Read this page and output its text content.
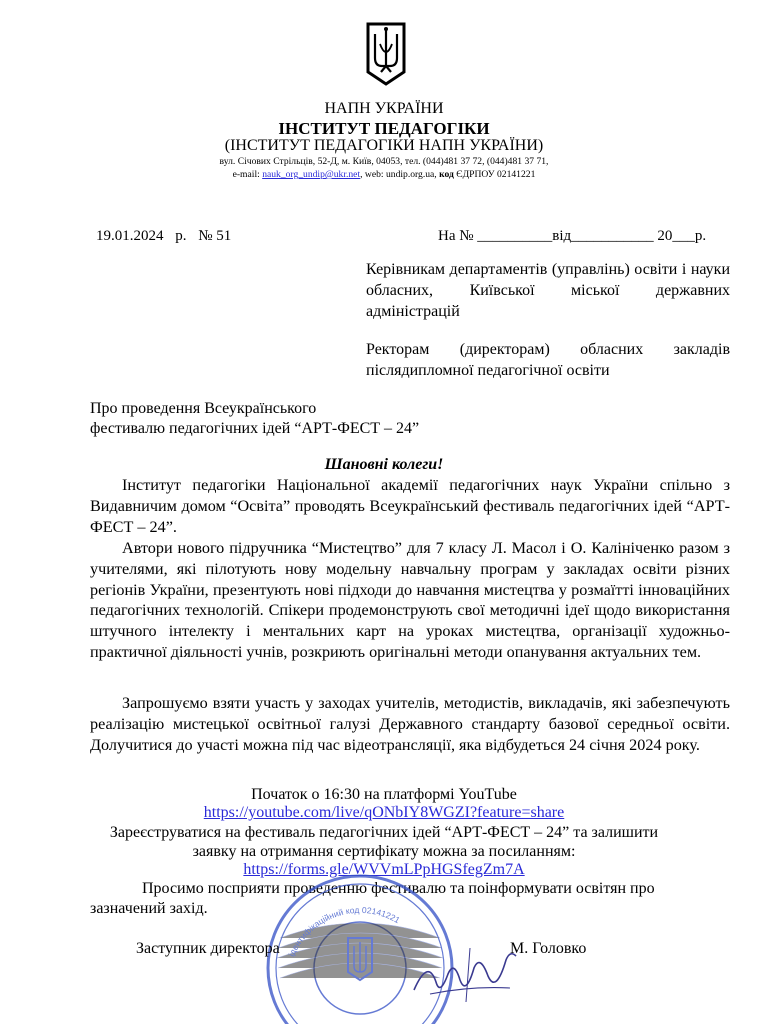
НАПН УКРАЇНИ
ІНСТИТУТ ПЕДАГОГІКИ
(ІНСТИТУТ ПЕДАГОГІКИ НАПН УКРАЇНИ)
вул. Січових Стрільців, 52-Д, м. Київ, 04053, тел. (044)481 37 72, (044)481 37 71,
e-mail: nauk_org_undip@ukr.net, web: undip.org.ua, код ЄДРПОУ 02141221
19.01.2024 р. № 51	На № __________від___________ 20___р.
Керівникам департаментів (управлінь) освіти і науки обласних, Київської міської державних адміністрацій
Ректорам (директорам) обласних закладів післядипломної педагогічної освіти
Про проведення Всеукраїнського
фестивалю педагогічних ідей “АРТ-ФЕСТ – 24”
Шановні колеги!
Інститут педагогіки Національної академії педагогічних наук України спільно з Видавничим домом “Освіта” проводять Всеукраїнський фестиваль педагогічних ідей “АРТ-ФЕСТ – 24”.
Автори нового підручника “Мистецтво” для 7 класу Л. Масол і О. Калініченко разом з учителями, які пілотують нову модельну навчальну програм у закладах освіти різних регіонів України, презентують нові підходи до навчання мистецтва у розмаїтті інноваційних педагогічних технологій. Спікери продемонструють свої методичні ідеї щодо використання штучного інтелекту і ментальних карт на уроках мистецтва, організації художньо-практичної діяльності учнів, розкриють оригінальні методи опанування актуальних тем.
Запрошуємо взяти участь у заходах учителів, методистів, викладачів, які забезпечують реалізацію мистецької освітньої галузі Державного стандарту базової середньої освіти. Долучитися до участі можна під час відеотрансляції, яка відбудеться 24 січня 2024 року.
Початок о 16:30 на платформі YouTube
https://youtube.com/live/qONbIY8WGZI?feature=share
Зареєструватися на фестиваль педагогічних ідей “АРТ-ФЕСТ – 24” та залишити
заявку на отримання сертифікату можна за посиланням:
https://forms.gle/WVVmLPpHGSfegZm7A
Просимо посприяти проведенню фестивалю та поінформувати освітян про зазначений захід.
ідентифікаційний код 02141221
Заступник директора	М. Головко
